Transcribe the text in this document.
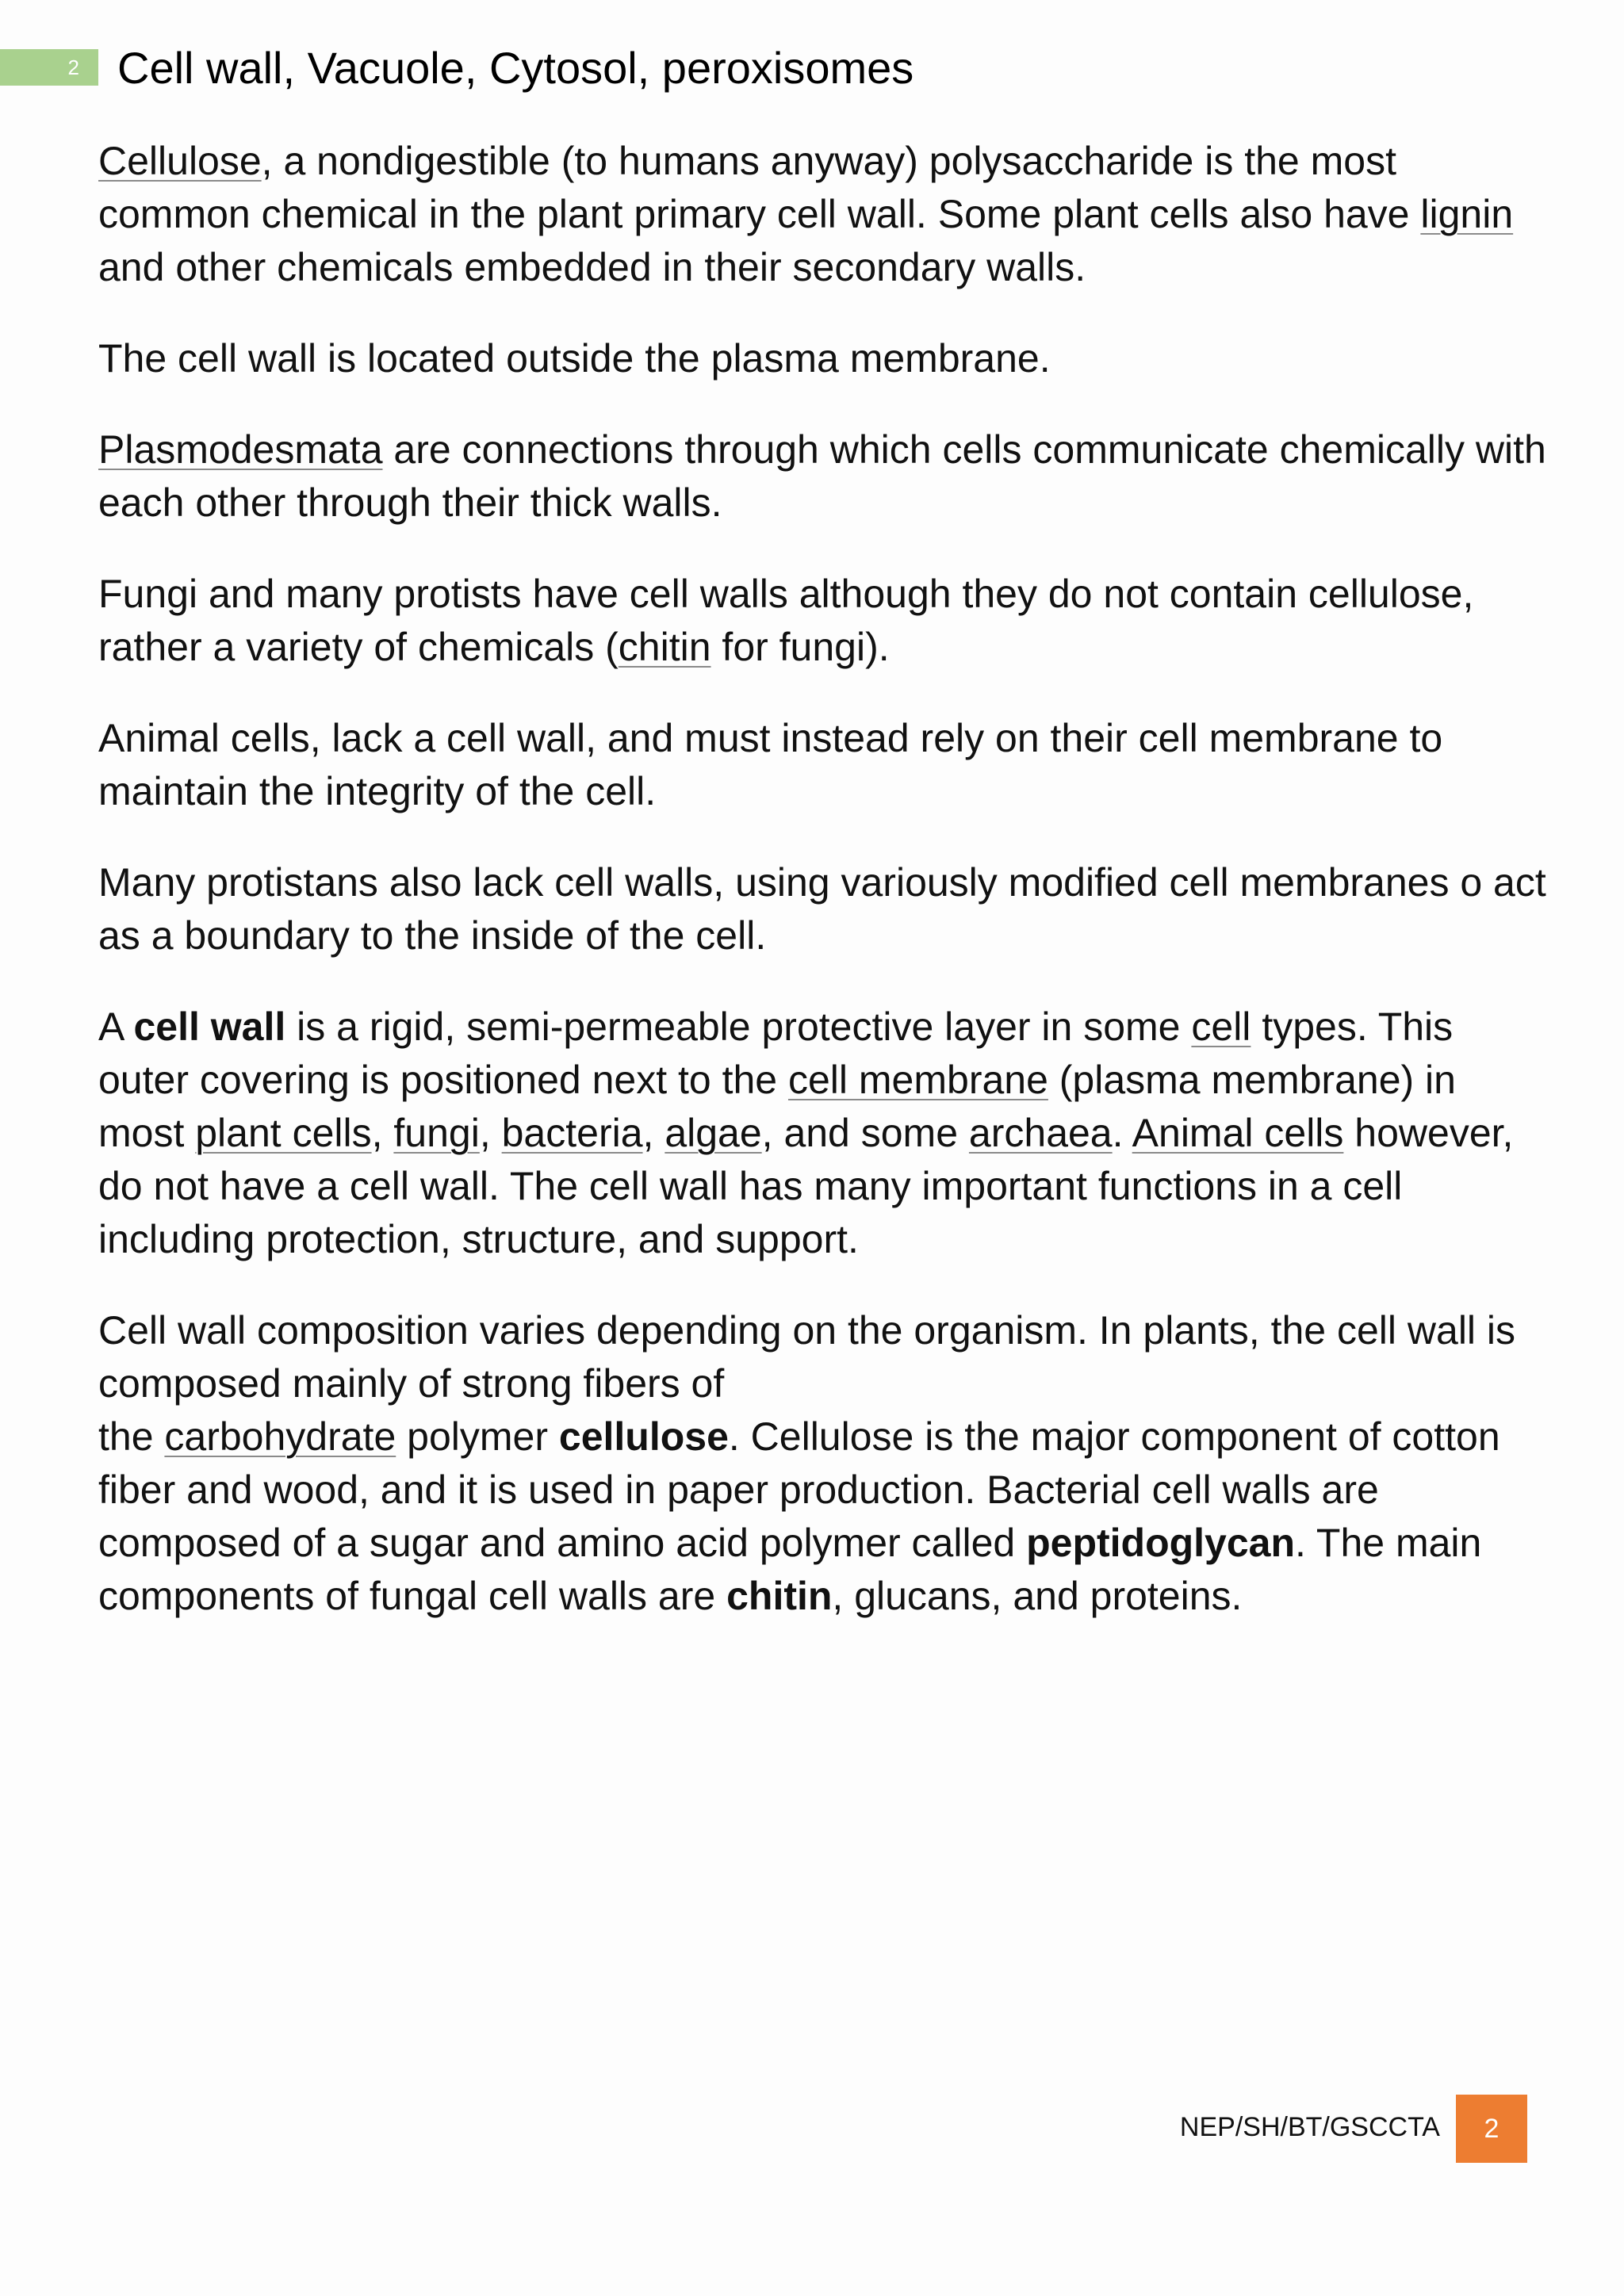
2 Cell wall, Vacuole, Cytosol, peroxisomes

Cellulose, a nondigestible (to humans anyway) polysaccharide is the most common chemical in the plant primary cell wall. Some plant cells also have lignin and other chemicals embedded in their secondary walls.

The cell wall is located outside the plasma membrane.

Plasmodesmata are connections through which cells communicate chemically with each other through their thick walls.

Fungi and many protists have cell walls although they do not contain cellulose, rather a variety of chemicals (chitin for fungi).

Animal cells, lack a cell wall, and must instead rely on their cell membrane to maintain the integrity of the cell.

Many protistans also lack cell walls, using variously modified cell membranes o act as a boundary to the inside of the cell.

A cell wall is a rigid, semi-permeable protective layer in some cell types. This outer covering is positioned next to the cell membrane (plasma membrane) in most plant cells, fungi, bacteria, algae, and some archaea. Animal cells however, do not have a cell wall. The cell wall has many important functions in a cell including protection, structure, and support.

Cell wall composition varies depending on the organism. In plants, the cell wall is composed mainly of strong fibers of
the carbohydrate polymer cellulose. Cellulose is the major component of cotton fiber and wood, and it is used in paper production. Bacterial cell walls are composed of a sugar and amino acid polymer called peptidoglycan. The main components of fungal cell walls are chitin, glucans, and proteins.

NEP/SH/BT/GSCCTA	2
